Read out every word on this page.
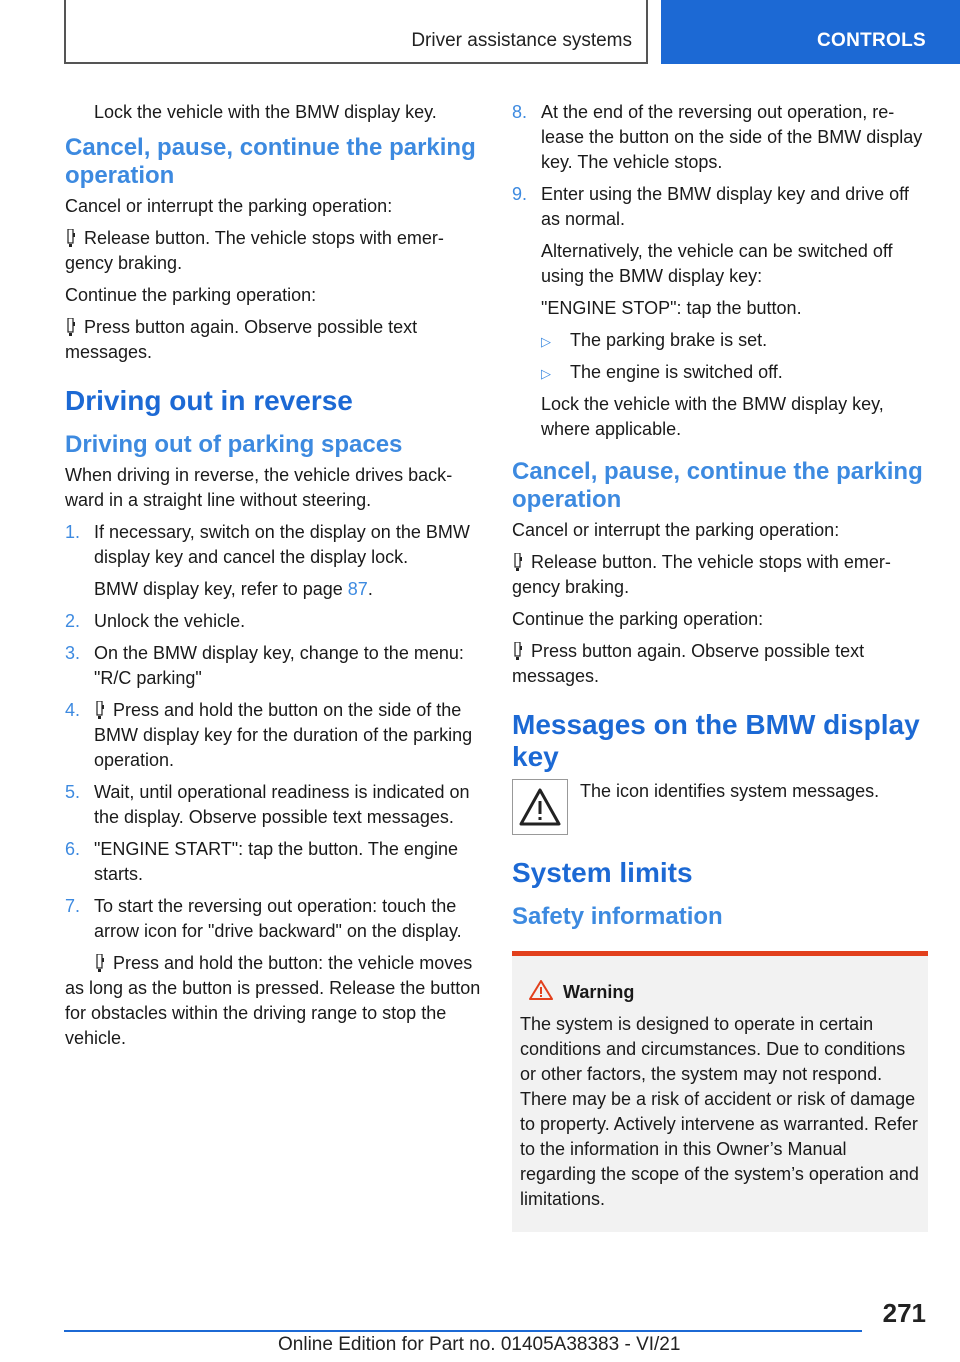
Driver assistance systems	CONTROLS

Lock the vehicle with the BMW display key.

Cancel, pause, continue the parking operation

Cancel or interrupt the parking operation:

Release button. The vehicle stops with emergency braking.

Continue the parking operation:

Press button again. Observe possible text messages.

Driving out in reverse
Driving out of parking spaces

When driving in reverse, the vehicle drives backward in a straight line without steering.

1. If necessary, switch on the display on the BMW display key and cancel the display lock.

BMW display key, refer to page 87.

2. Unlock the vehicle.
3. On the BMW display key, change to the menu: "R/C parking"
4. Press and hold the button on the side of the BMW display key for the duration of the parking operation.
5. Wait, until operational readiness is indicated on the display. Observe possible text messages.
6. "ENGINE START": tap the button. The engine starts.
7. To start the reversing out operation: touch the arrow icon for "drive backward" on the display.

Press and hold the button: the vehicle moves as long as the button is pressed. Release the button for obstacles within the driving range to stop the vehicle.

8. At the end of the reversing out operation, release the button on the side of the BMW display key. The vehicle stops.
9. Enter using the BMW display key and drive off as normal.

Alternatively, the vehicle can be switched off using the BMW display key:

"ENGINE STOP": tap the button.

▷ The parking brake is set.
▷ The engine is switched off.

Lock the vehicle with the BMW display key, where applicable.

Cancel, pause, continue the parking operation

Cancel or interrupt the parking operation:

Release button. The vehicle stops with emergency braking.

Continue the parking operation:

Press button again. Observe possible text messages.

Messages on the BMW display key
The icon identifies system messages.
System limits
Safety information
Warning

The system is designed to operate in certain conditions and circumstances. Due to conditions or other factors, the system may not respond. There may be a risk of accident or risk of damage to property. Actively intervene as warranted. Refer to the information in this Owner’s Manual regarding the scope of the system’s operation and limitations.

271
Online Edition for Part no. 01405A38383 - VI/21
